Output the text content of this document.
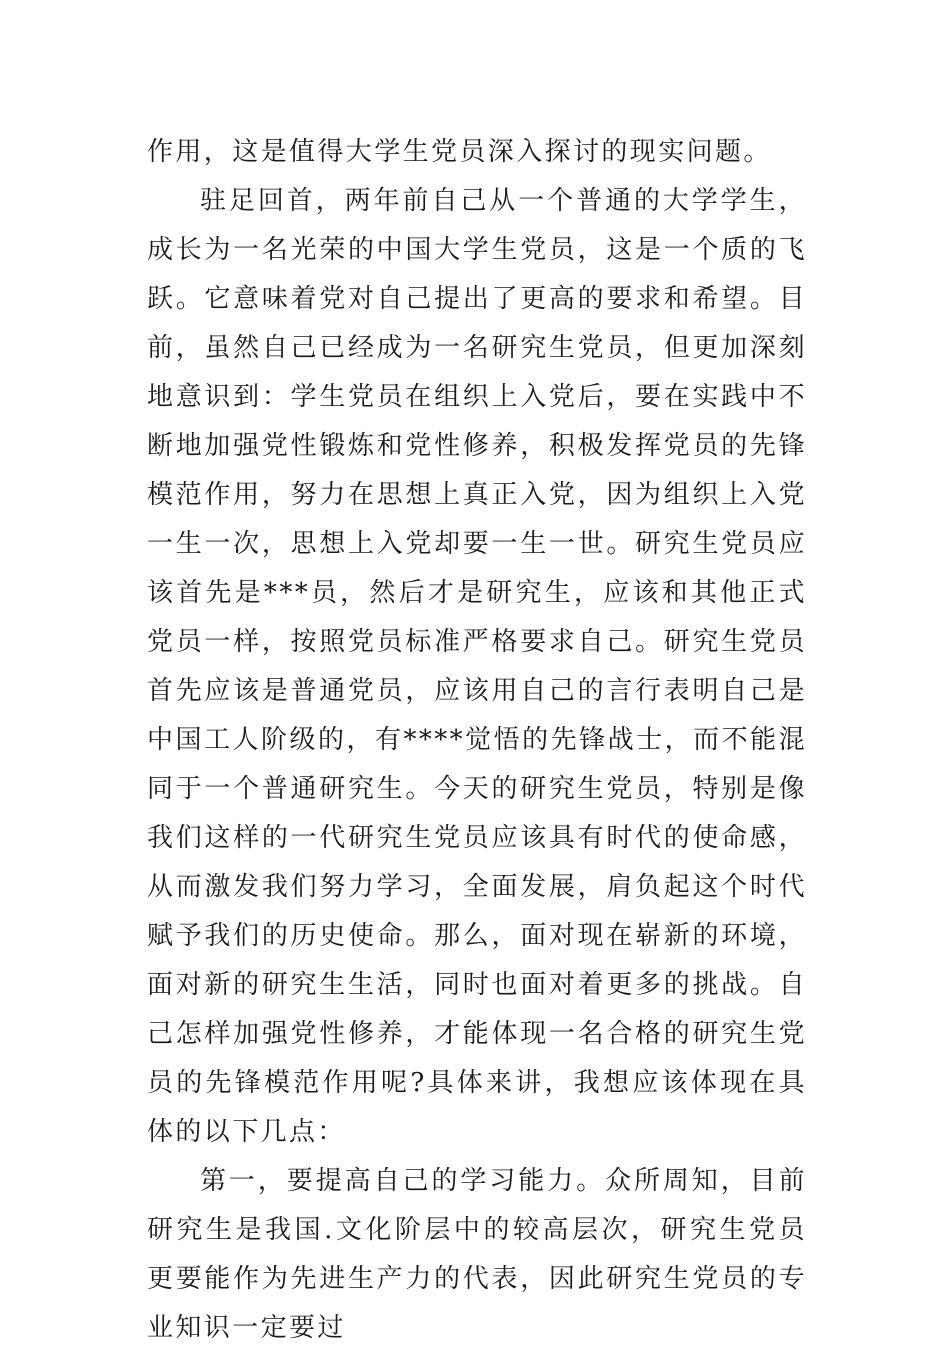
作用，这是值得大学生党员深入探讨的现实问题。

驻足回首，两年前自己从一个普通的大学学生，成长为一名光荣的中国大学生党员，这是一个质的飞跃。它意味着党对自己提出了更高的要求和希望。目前，虽然自己已经成为一名研究生党员，但更加深刻地意识到：学生党员在组织上入党后，要在实践中不断地加强党性锻炼和党性修养，积极发挥党员的先锋模范作用，努力在思想上真正入党，因为组织上入党一生一次，思想上入党却要一生一世。研究生党员应该首先是***员，然后才是研究生，应该和其他正式党员一样，按照党员标准严格要求自己。研究生党员首先应该是普通党员，应该用自己的言行表明自己是中国工人阶级的，有****觉悟的先锋战士，而不能混同于一个普通研究生。今天的研究生党员，特别是像我们这样的一代研究生党员应该具有时代的使命感，从而激发我们努力学习，全面发展，肩负起这个时代赋予我们的历史使命。那么，面对现在崭新的环境，面对新的研究生生活，同时也面对着更多的挑战。自己怎样加强党性修养，才能体现一名合格的研究生党员的先锋模范作用呢?具体来讲，我想应该体现在具体的以下几点：

第一，要提高自己的学习能力。众所周知，目前研究生是我国.文化阶层中的较高层次，研究生党员更要能作为先进生产力的代表，因此研究生党员的专业知识一定要过
